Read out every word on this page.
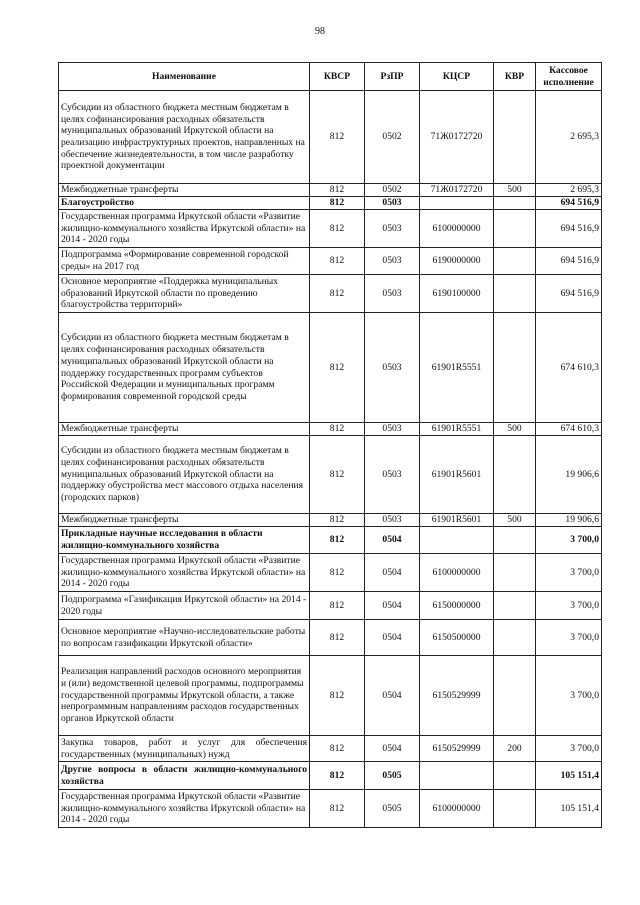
98
Наименование	КВСР	РзПР	КЦСР	КВР	Кассовое исполнение
Субсидии из областного бюджета местным бюджетам в целях софинансирования расходных обязательств муниципальных образований Иркутской области на реализацию инфраструктурных проектов, направленных на обеспечение жизнедеятельности, в том числе разработку проектной документации	812	0502	71Ж0172720		2 695,3
Межбюджетные трансферты	812	0502	71Ж0172720	500	2 695,3
Благоустройство	812	0503			694 516,9
Государственная программа Иркутской области «Развитие жилищно-коммунального хозяйства Иркутской области» на 2014 - 2020 годы	812	0503	6100000000		694 516,9
Подпрограмма «Формирование современной городской среды» на 2017 год	812	0503	6190000000		694 516,9
Основное мероприятие «Поддержка муниципальных образований Иркутской области по проведению благоустройства территорий»	812	0503	6190100000		694 516,9
Субсидии из областного бюджета местным бюджетам в целях софинансирования расходных обязательств муниципальных образований Иркутской области на поддержку государственных программ субъектов Российской Федерации и муниципальных программ формирования современной городской среды	812	0503	61901R5551		674 610,3
Межбюджетные трансферты	812	0503	61901R5551	500	674 610,3
Субсидии из областного бюджета местным бюджетам в целях софинансирования расходных обязательств муниципальных образований Иркутской области на поддержку обустройства мест массового отдыха населения (городских парков)	812	0503	61901R5601		19 906,6
Межбюджетные трансферты	812	0503	61901R5601	500	19 906,6
Прикладные научные исследования в области жилищно-коммунального хозяйства	812	0504			3 700,0
Государственная программа Иркутской области «Развитие жилищно-коммунального хозяйства Иркутской области» на 2014 - 2020 годы	812	0504	6100000000		3 700,0
Подпрограмма «Газификация Иркутской области» на 2014 - 2020 годы	812	0504	6150000000		3 700,0
Основное мероприятие «Научно-исследовательские работы по вопросам газификации Иркутской области»	812	0504	6150500000		3 700,0
Реализация направлений расходов основного мероприятия и (или) ведомственной целевой программы, подпрограммы государственной программы Иркутской области, а также непрограммным направлениям расходов государственных органов Иркутской области	812	0504	6150529999		3 700,0
Закупка товаров, работ и услуг для обеспечения государственных (муниципальных) нужд	812	0504	6150529999	200	3 700,0
Другие вопросы в области жилищно-коммунального хозяйства	812	0505			105 151,4
Государственная программа Иркутской области «Развитие жилищно-коммунального хозяйства Иркутской области» на 2014 - 2020 годы	812	0505	6100000000		105 151,4
